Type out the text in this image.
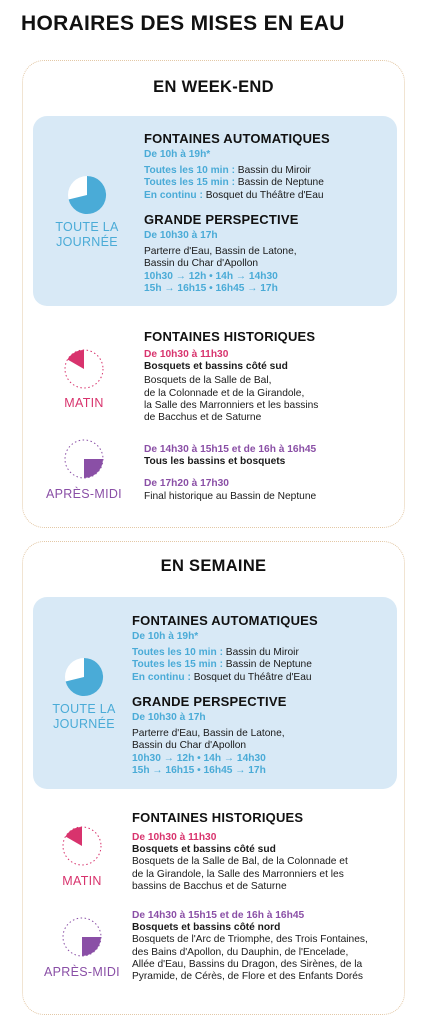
HORAIRES DES MISES EN EAU
EN WEEK-END
TOUTE LA
JOURNÉE
FONTAINES AUTOMATIQUES
De 10h à 19h*
Toutes les 10 min : Bassin du Miroir
Toutes les 15 min : Bassin de Neptune
En continu : Bosquet du Théâtre d'Eau
GRANDE PERSPECTIVE
De 10h30 à 17h
Parterre d'Eau, Bassin de Latone,
Bassin du Char d'Apollon
10h30 → 12h • 14h → 14h30
15h → 16h15 • 16h45 → 17h
FONTAINES HISTORIQUES
MATIN
De 10h30 à 11h30
Bosquets et bassins côté sud
Bosquets de la Salle de Bal,
de la Colonnade et de la Girandole,
la Salle des Marronniers et les bassins
de Bacchus et de Saturne
APRÈS-MIDI
De 14h30 à 15h15 et de 16h à 16h45
Tous les bassins et bosquets
De 17h20 à 17h30
Final historique au Bassin de Neptune
EN SEMAINE
TOUTE LA
JOURNÉE
FONTAINES AUTOMATIQUES
De 10h à 19h*
Toutes les 10 min : Bassin du Miroir
Toutes les 15 min : Bassin de Neptune
En continu : Bosquet du Théâtre d'Eau
GRANDE PERSPECTIVE
De 10h30 à 17h
Parterre d'Eau, Bassin de Latone,
Bassin du Char d'Apollon
10h30 → 12h • 14h → 14h30
15h → 16h15 • 16h45 → 17h
FONTAINES HISTORIQUES
MATIN
De 10h30 à 11h30
Bosquets et bassins côté sud
Bosquets de la Salle de Bal, de la Colonnade et
de la Girandole, la Salle des Marronniers et les
bassins de Bacchus et de Saturne
APRÈS-MIDI
De 14h30 à 15h15 et de 16h à 16h45
Bosquets et bassins côté nord
Bosquets de l'Arc de Triomphe, des Trois Fontaines,
des Bains d'Apollon, du Dauphin, de l'Encelade,
Allée d'Eau, Bassins du Dragon, des Sirènes, de la
Pyramide, de Cérès, de Flore et des Enfants Dorés
